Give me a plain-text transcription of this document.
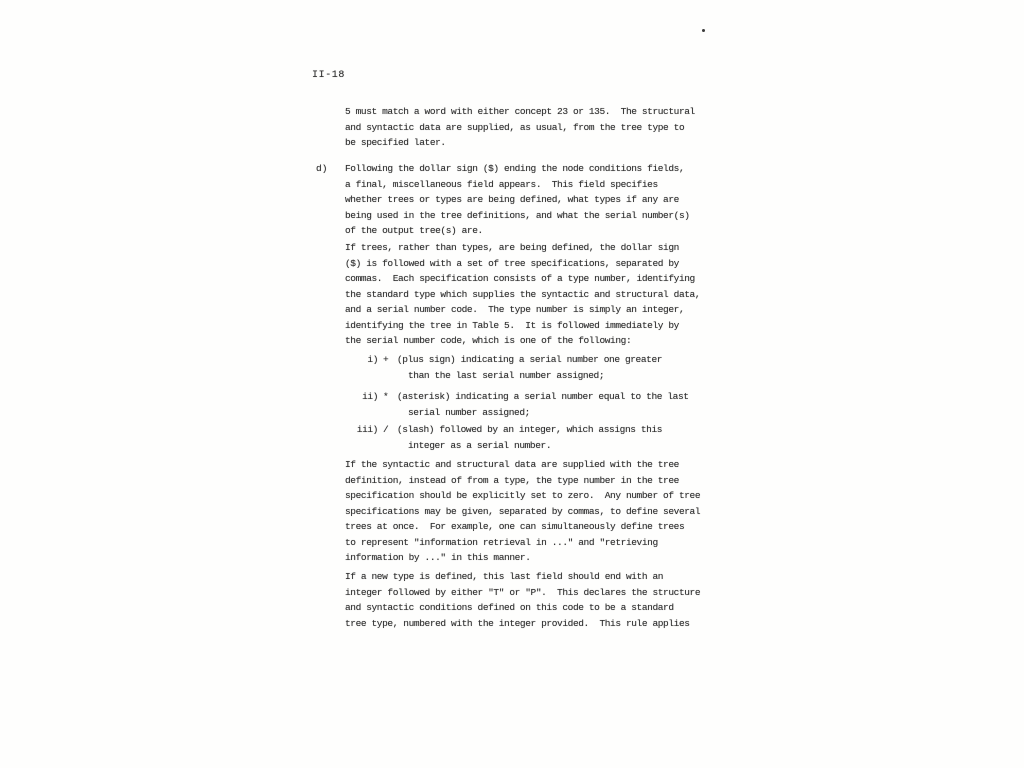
II-18
5 must match a word with either concept 23 or 135.  The structural
and syntactic data are supplied, as usual, from the tree type to
be specified later.
d) Following the dollar sign ($) ending the node conditions fields,
a final, miscellaneous field appears.  This field specifies
whether trees or types are being defined, what types if any are
being used in the tree definitions, and what the serial number(s)
of the output tree(s) are.
If trees, rather than types, are being defined, the dollar sign
($) is followed with a set of tree specifications, separated by
commas.  Each specification consists of a type number, identifying
the standard type which supplies the syntactic and structural data,
and a serial number code.  The type number is simply an integer,
identifying the tree in Table 5.  It is followed immediately by
the serial number code, which is one of the following:
i) + (plus sign) indicating a serial number one greater
than the last serial number assigned;
ii) * (asterisk) indicating a serial number equal to the last
serial number assigned;
iii) / (slash) followed by an integer, which assigns this
integer as a serial number.
If the syntactic and structural data are supplied with the tree
definition, instead of from a type, the type number in the tree
specification should be explicitly set to zero.  Any number of tree
specifications may be given, separated by commas, to define several
trees at once.  For example, one can simultaneously define trees
to represent "information retrieval in ..." and "retrieving
information by ..." in this manner.
If a new type is defined, this last field should end with an
integer followed by either "T" or "P".  This declares the structure
and syntactic conditions defined on this code to be a standard
tree type, numbered with the integer provided.  This rule applies
